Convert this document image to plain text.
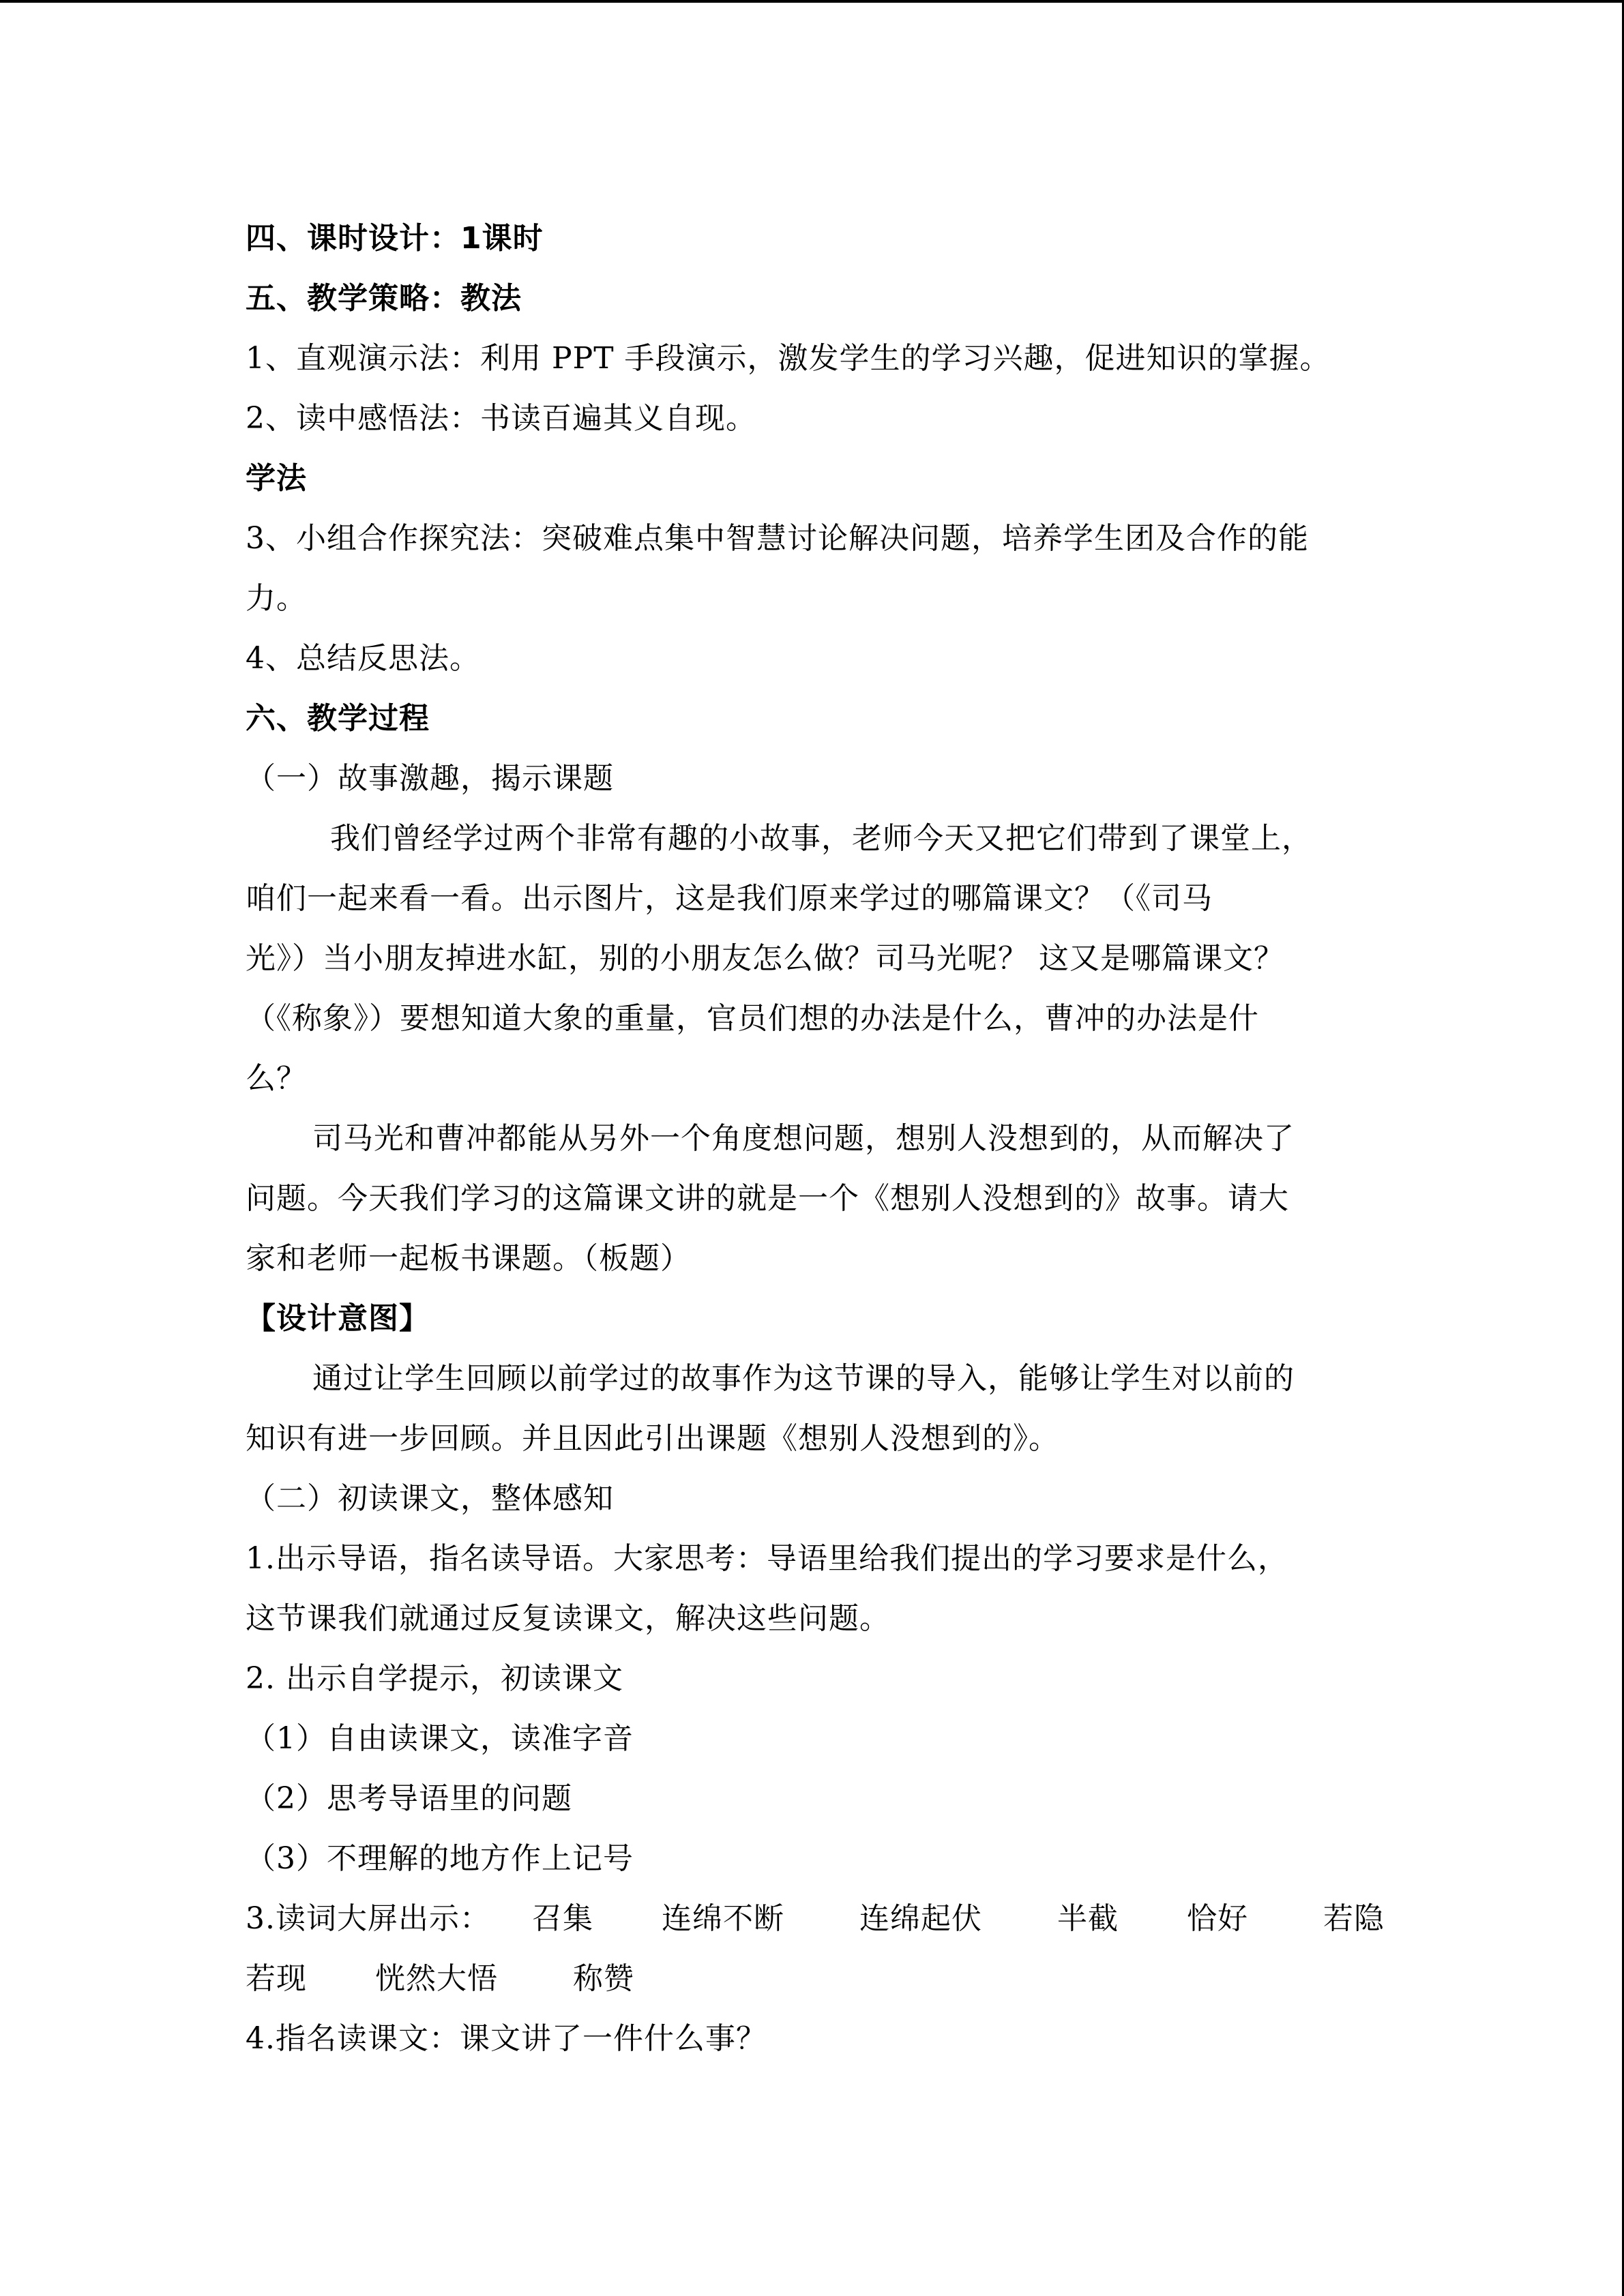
四、课时设计：1课时
五、教学策略：教法
1、直观演示法：利用 PPT 手段演示，激发学生的学习兴趣，促进知识的掌握。
2、读中感悟法：书读百遍其义自现。
学法
3、小组合作探究法：突破难点集中智慧讨论解决问题，培养学生团及合作的能
力。
4、总结反思法。
六、教学过程
（一）故事激趣，揭示课题
我们曾经学过两个非常有趣的小故事，老师今天又把它们带到了课堂上，
咱们一起来看一看。出示图片，这是我们原来学过的哪篇课文？（《司马
光》）当小朋友掉进水缸，别的小朋友怎么做？司马光呢？ 这又是哪篇课文？
（《称象》）要想知道大象的重量，官员们想的办法是什么，曹冲的办法是什
么？
司马光和曹冲都能从另外一个角度想问题，想别人没想到的，从而解决了
问题。今天我们学习的这篇课文讲的就是一个《想别人没想到的》故事。请大
家和老师一起板书课题。（板题）
【设计意图】
通过让学生回顾以前学过的故事作为这节课的导入，能够让学生对以前的
知识有进一步回顾。并且因此引出课题《想别人没想到的》。
（二）初读课文，整体感知
1.出示导语，指名读导语。大家思考：导语里给我们提出的学习要求是什么，
这节课我们就通过反复读课文，解决这些问题。
2. 出示自学提示，初读课文
（1）自由读课文，读准字音
（2）思考导语里的问题
（3）不理解的地方作上记号
3.读词大屏出示：	召集	连绵不断	连绵起伏	半截	恰好	若隐
若现	恍然大悟	称赞
4.指名读课文：课文讲了一件什么事？
